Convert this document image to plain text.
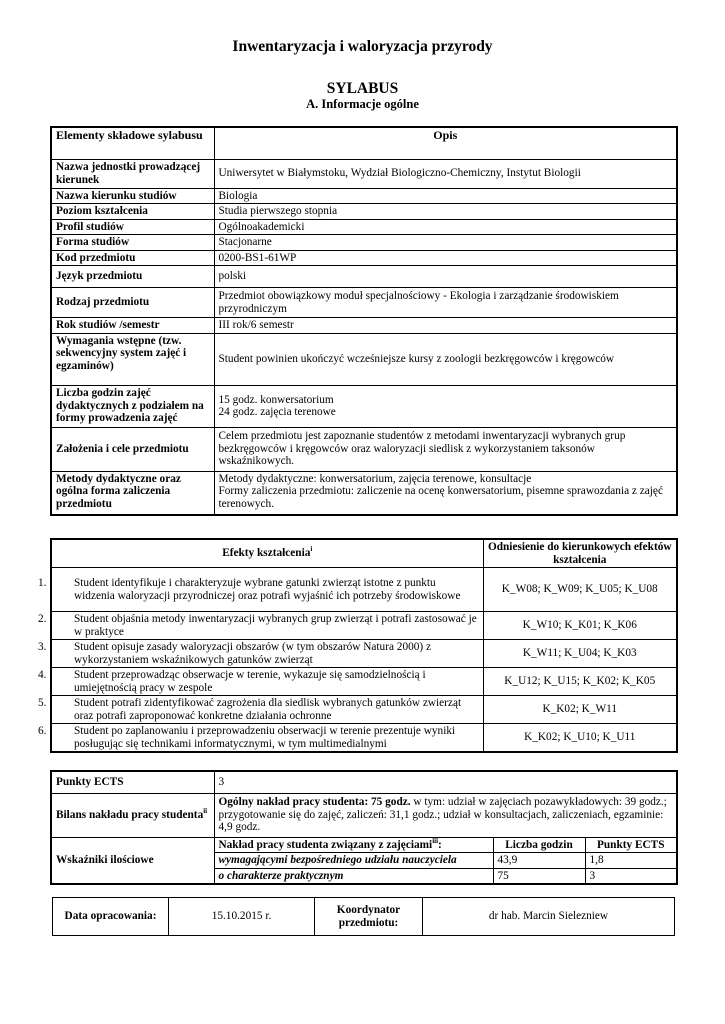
Inwentaryzacja i waloryzacja przyrody
SYLABUS
A. Informacje ogólne
Elementy składowe sylabusu	Opis
Nazwa jednostki prowadzącej kierunek	Uniwersytet w Białymstoku, Wydział Biologiczno-Chemiczny, Instytut Biologii
Nazwa kierunku studiów	Biologia
Poziom kształcenia	Studia pierwszego stopnia
Profil studiów	Ogólnoakademicki
Forma studiów	Stacjonarne
Kod przedmiotu	0200-BS1-61WP
Język przedmiotu	polski
Rodzaj przedmiotu	Przedmiot obowiązkowy moduł specjalnościowy - Ekologia i zarządzanie środowiskiem przyrodniczym
Rok studiów /semestr	III rok/6 semestr
Wymagania wstępne (tzw. sekwencyjny system zajęć i egzaminów)	Student powinien ukończyć wcześniejsze kursy z zoologii bezkręgowców i kręgowców
Liczba godzin zajęć dydaktycznych z podziałem na formy prowadzenia zajęć	15 godz. konwersatorium
24 godz. zajęcia terenowe

Założenia i cele przedmiotu	Celem przedmiotu jest zapoznanie studentów z metodami inwentaryzacji wybranych grup bezkręgowców i kręgowców oraz waloryzacji siedlisk z wykorzystaniem taksonów wskaźnikowych.
Metody dydaktyczne oraz ogólna forma zaliczenia przedmiotu	Metody dydaktyczne: konwersatorium, zajęcia terenowe, konsultacje
Formy zaliczenia przedmiotu: zaliczenie na ocenę konwersatorium, pisemne sprawozdania z zajęć terenowych.
Efekty kształcenia$^i$	Odniesienie do kierunkowych efektów kształcenia
1. Student identyfikuje i charakteryzuje wybrane gatunki zwierząt istotne z punktu widzenia waloryzacji przyrodniczej oraz potrafi wyjaśnić ich potrzeby środowiskowe	K_W08; K_W09; K_U05; K_U08
2. Student objaśnia metody inwentaryzacji wybranych grup zwierząt i potrafi zastosować je w praktyce	K_W10; K_K01; K_K06
3. Student opisuje zasady waloryzacji obszarów (w tym obszarów Natura 2000) z wykorzystaniem wskaźnikowych gatunków zwierząt	K_W11; K_U04; K_K03
4. Student przeprowadząc obserwacje w terenie, wykazuje się samodzielnością i umiejętnością pracy w zespole	K_U12; K_U15; K_K02; K_K05
5. Student potrafi zidentyfikować zagrożenia dla siedlisk wybranych gatunków zwierząt oraz potrafi zaproponować konkretne działania ochronne	K_K02; K_W11
6. Student po zaplanowaniu i przeprowadzeniu obserwacji w terenie prezentuje wyniki posługując się technikami informatycznymi, w tym multimedialnymi	K_K02; K_U10; K_U11
Punkty ECTS	3		
Bilans nakładu pracy studenta$^{ii}$	Ogólny nakład pracy studenta: 75 godz. w tym: udział w zajęciach pozawykładowych: 39 godz.; przygotowanie się do zajęć, zaliczeń: 31,1 godz.; udział w konsultacjach, zaliczeniach, egzaminie: 4,9 godz.		
Wskaźniki ilościowe	Nakład pracy studenta związany z zajęciami$^{iii}$:	Liczba godzin	Punkty ECTS
	wymagającymi bezpośredniego udziału nauczyciela	43,9	1,8
	o charakterze praktycznym	75	3
Data opracowania:	15.10.2015 r.	Koordynator przedmiotu:	dr hab. Marcin Sielezniew
